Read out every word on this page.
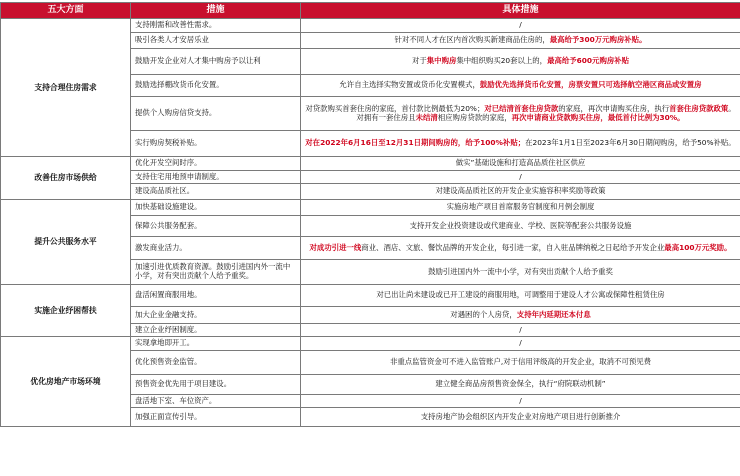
五大方面	措施	具体措施
支持合理住房需求	支持刚需和改善性需求。	/
	吸引各类人才安居乐业	针对不同人才在区内首次购买新建商品住房的，最高给予300万元购房补贴。
	鼓励开发企业对人才集中购房予以让利	对于集中购房集中组织购买20套以上的，最高给予600元购房补贴
	鼓励选择棚改货币化安置。	允许自主选择实物安置或货币化安置模式，鼓励优先选择货币化安置，房票安置只可选择航空港区商品或安置房
	提供个人购房信贷支持。	对贷款购买首套住房的家庭，首付款比例最低为20%；对已结清首套住房贷款的家庭，再次申请购买住房，执行首套住房贷款政策。对拥有一套住房且未结清相应购房贷款的家庭，再次申请商业贷款购买住房，最低首付比例为30%。
	实行购房契税补贴。	对在2022年6月16日至12月31日期间购房的，给予100%补贴；在2023年1月1日至2023年6月30日期间购房，给予50%补贴。
改善住房市场供给	优化开发空间时序。	做实”基础设施和打造高品质住社区供应
	支持住宅用地预申请制度。	/
	建设高品质社区。	对建设高品质社区的开发企业实施容积率奖励等政策
提升公共服务水平	加快基础设施建设。	实施房地产项目首席服务官制度和月例会制度
	保障公共服务配套。	支持开发企业投资建设或代建商业、学校、医院等配套公共服务设施
	激发商业活力。	对成功引进一线商业、酒店、文旅、餐饮品牌的开发企业，每引进一家，自入驻品牌纳税之日起给予开发企业最高100万元奖励。
	加速引进优质教育资源。鼓励引进国内外一流中小学，对有突出贡献个人给予重奖。	鼓励引进国内外一流中小学，对有突出贡献个人给予重奖
实施企业纾困帮扶	盘活闲置商服用地。	对已出让尚未建设或已开工建设的商服用地，可调整用于建设人才公寓或保障性租赁住房
	加大企业金融支持。	对遇困的个人房贷，支持年内延期还本付息
	建立企业纾困制度。	/
优化房地产市场环境	实现拿地即开工。	/
	优化预售资金监管。	非重点监管资金可不进入监管账户,对于信用评级高的开发企业，取消不可预见费
	预售资金优先用于项目建设。	建立健全商品房预售资金保全，执行“府院联动机制”
	盘活地下室、车位资产。	/
	加强正面宣传引导。	支持房地产协会组织区内开发企业对房地产项目进行创新推介
